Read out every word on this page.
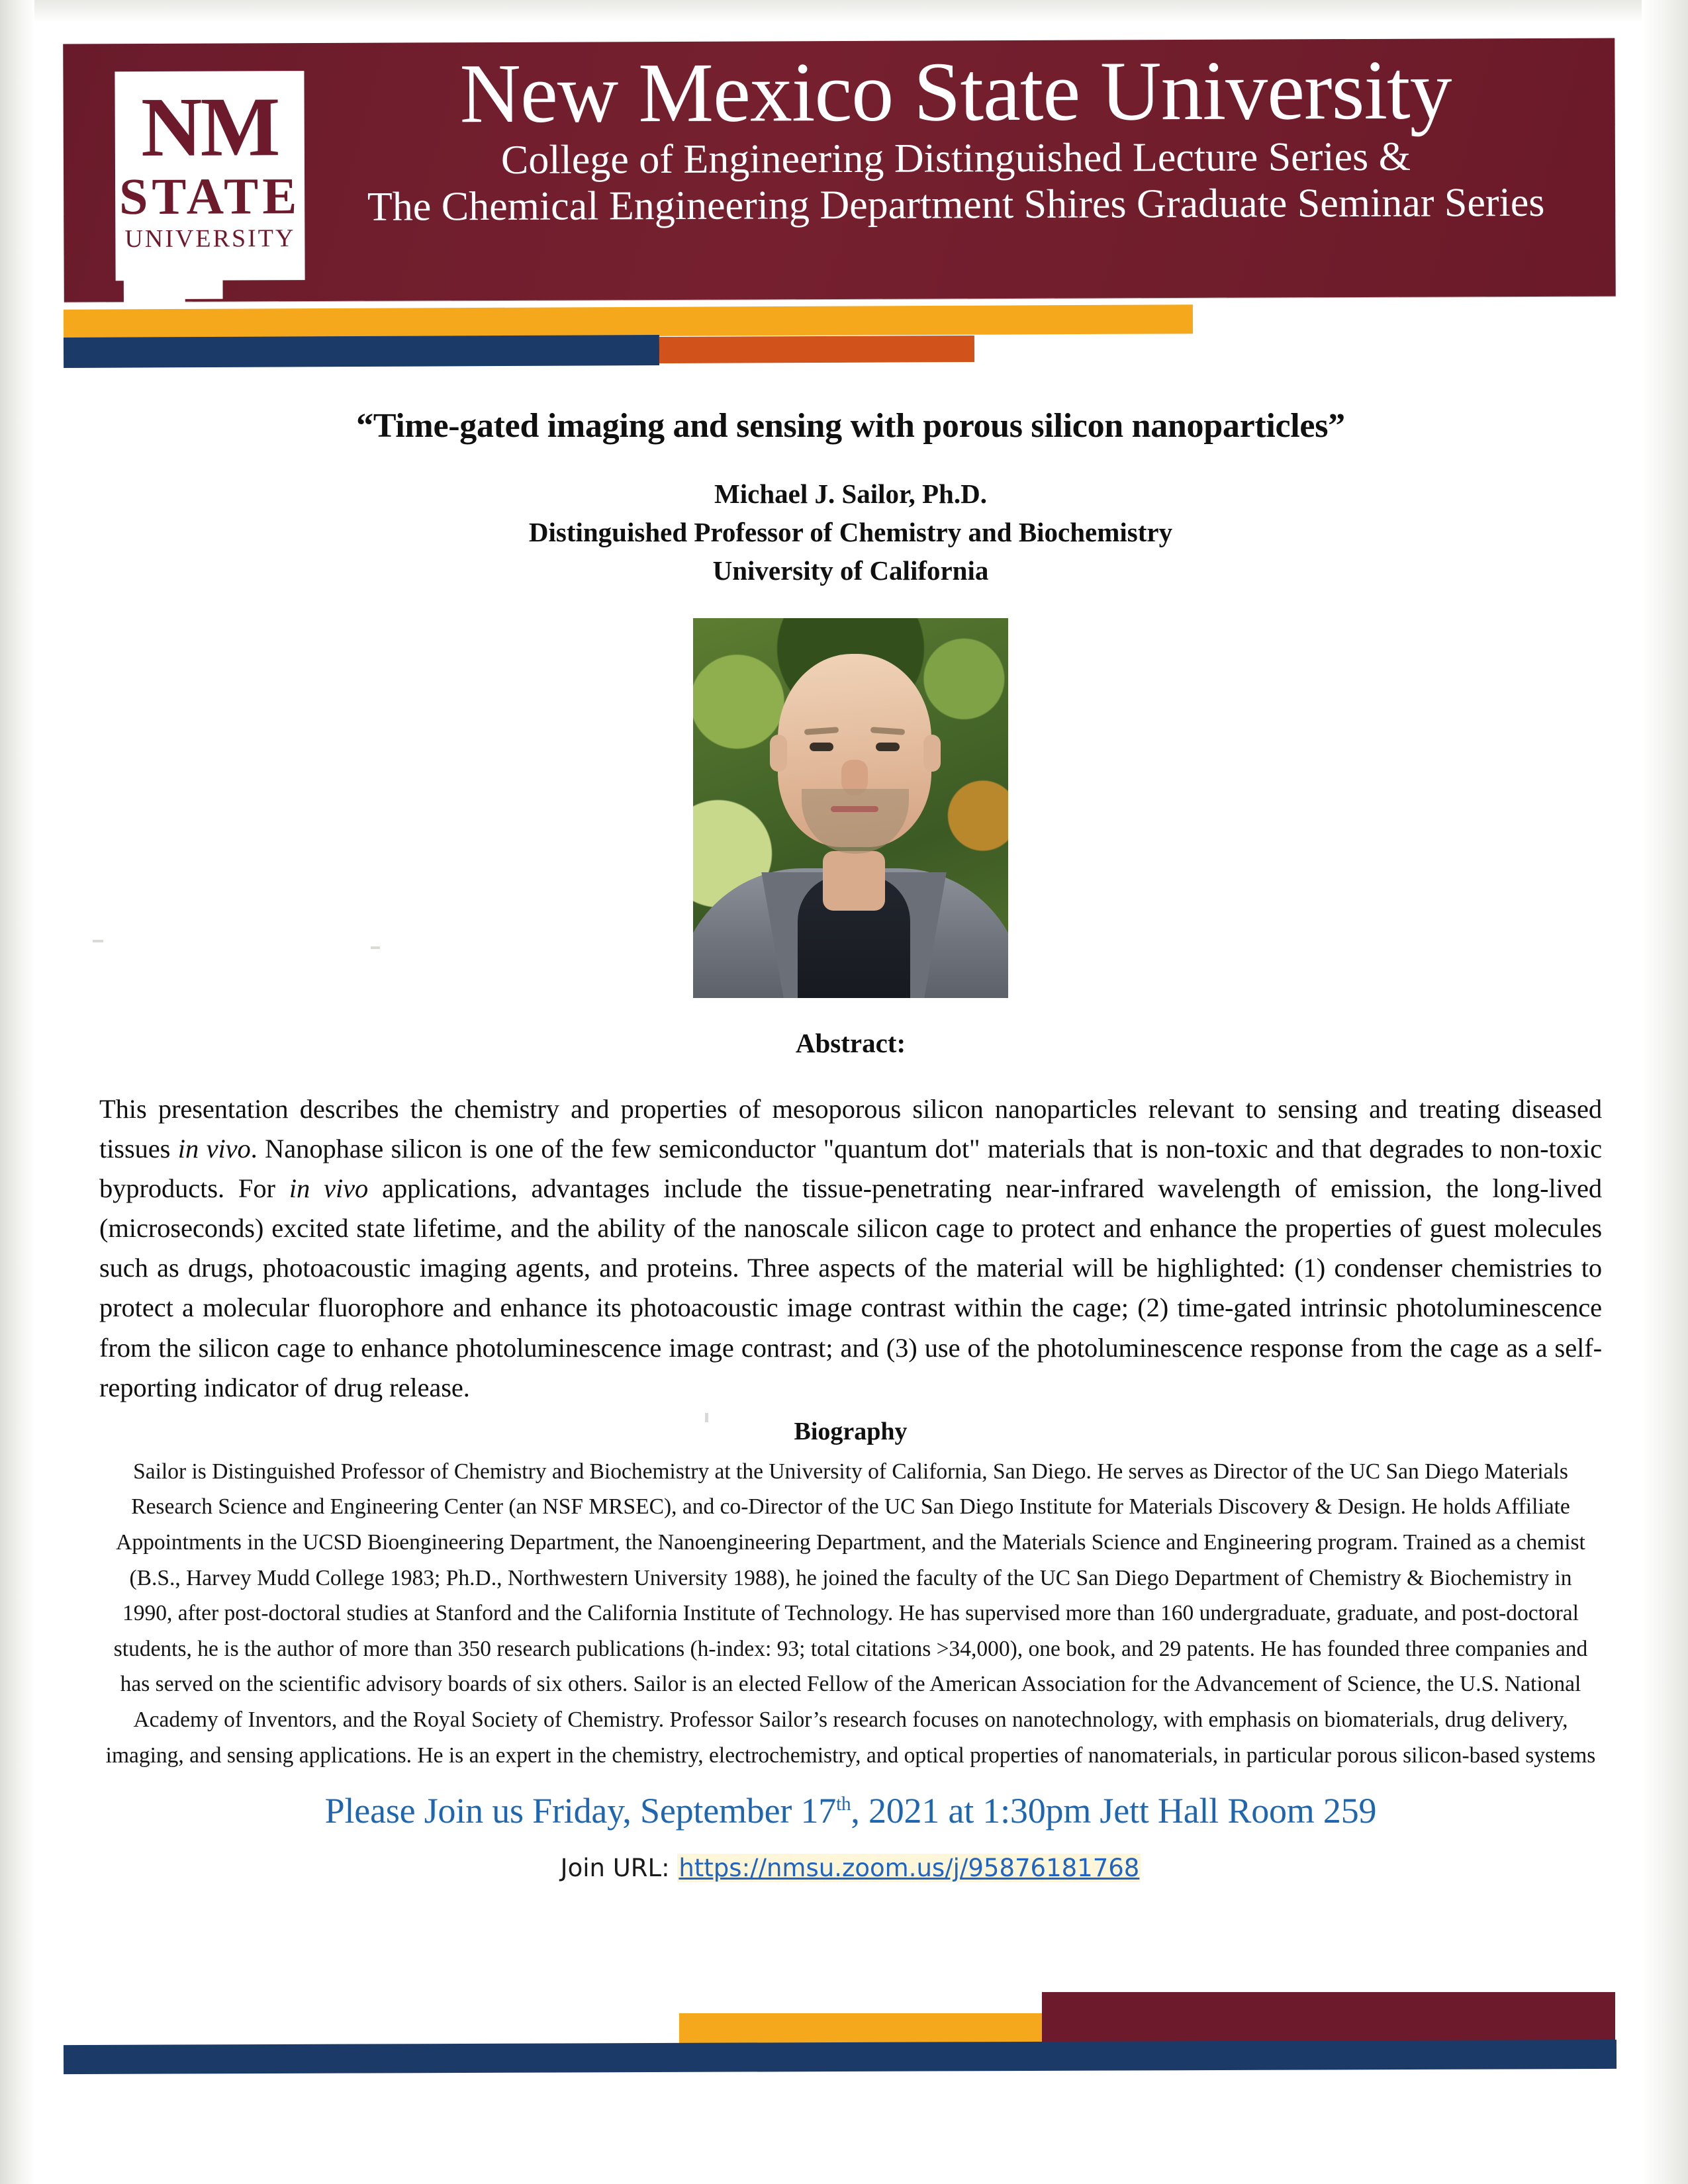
NM
STATE
UNIVERSITY
New Mexico State University
College of Engineering Distinguished Lecture Series &
The Chemical Engineering Department Shires Graduate Seminar Series
“Time-gated imaging and sensing with porous silicon nanoparticles”
Michael J. Sailor, Ph.D.
Distinguished Professor of Chemistry and Biochemistry
University of California
Abstract:
This presentation describes the chemistry and properties of mesoporous silicon nanoparticles relevant to sensing and treating diseased tissues in vivo. Nanophase silicon is one of the few semiconductor "quantum dot" materials that is non-toxic and that degrades to non-toxic byproducts. For in vivo applications, advantages include the tissue-penetrating near-infrared wavelength of emission, the long-lived (microseconds) excited state lifetime, and the ability of the nanoscale silicon cage to protect and enhance the properties of guest molecules such as drugs, photoacoustic imaging agents, and proteins. Three aspects of the material will be highlighted: (1) condenser chemistries to protect a molecular fluorophore and enhance its photoacoustic image contrast within the cage; (2) time-gated intrinsic photoluminescence from the silicon cage to enhance photoluminescence image contrast; and (3) use of the photoluminescence response from the cage as a self-reporting indicator of drug release.
Biography
Sailor is Distinguished Professor of Chemistry and Biochemistry at the University of California, San Diego. He serves as Director of the UC San Diego Materials Research Science and Engineering Center (an NSF MRSEC), and co-Director of the UC San Diego Institute for Materials Discovery & Design. He holds Affiliate Appointments in the UCSD Bioengineering Department, the Nanoengineering Department, and the Materials Science and Engineering program. Trained as a chemist (B.S., Harvey Mudd College 1983; Ph.D., Northwestern University 1988), he joined the faculty of the UC San Diego Department of Chemistry & Biochemistry in 1990, after post-doctoral studies at Stanford and the California Institute of Technology. He has supervised more than 160 undergraduate, graduate, and post-doctoral students, he is the author of more than 350 research publications (h-index: 93; total citations >34,000), one book, and 29 patents. He has founded three companies and has served on the scientific advisory boards of six others. Sailor is an elected Fellow of the American Association for the Advancement of Science, the U.S. National Academy of Inventors, and the Royal Society of Chemistry. Professor Sailor’s research focuses on nanotechnology, with emphasis on biomaterials, drug delivery, imaging, and sensing applications. He is an expert in the chemistry, electrochemistry, and optical properties of nanomaterials, in particular porous silicon-based systems
Please Join us Friday, September 17th, 2021 at 1:30pm Jett Hall Room 259
Join URL: https://nmsu.zoom.us/j/95876181768
